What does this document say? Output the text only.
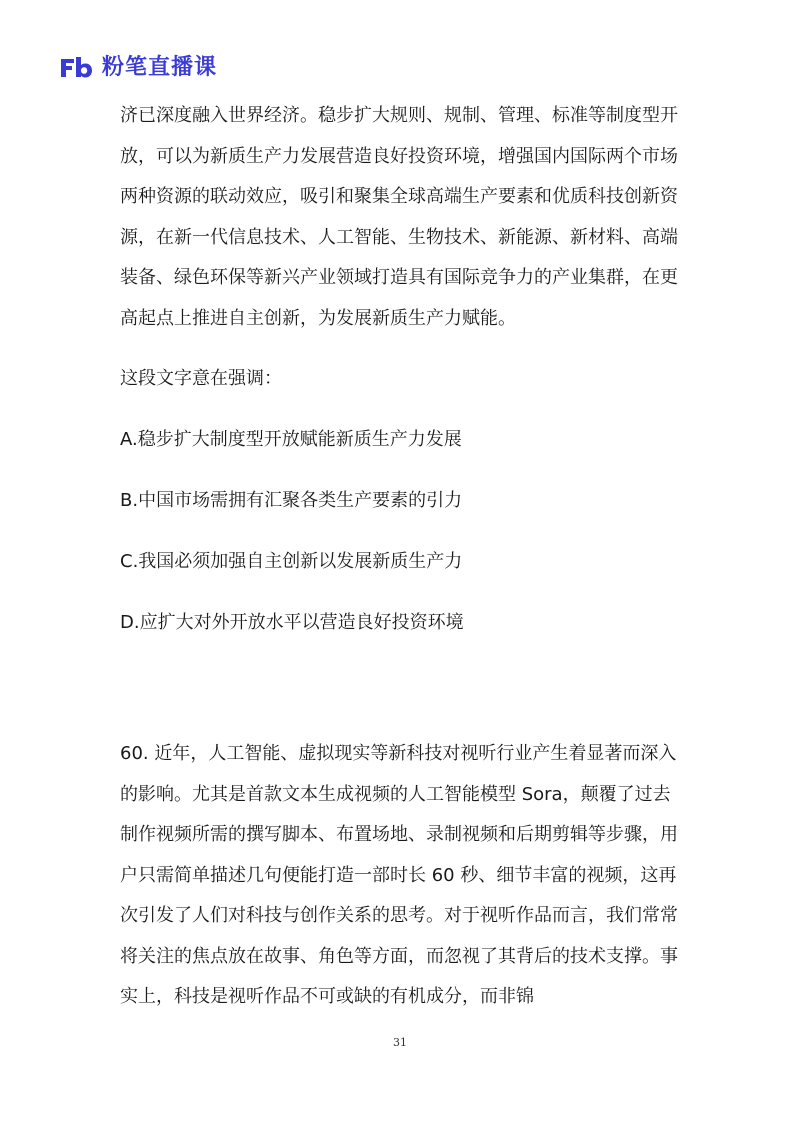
粉笔直播课

济已深度融入世界经济。稳步扩大规则、规制、管理、标准等制度型开放，可以为新质生产力发展营造良好投资环境，增强国内国际两个市场两种资源的联动效应，吸引和聚集全球高端生产要素和优质科技创新资源，在新一代信息技术、人工智能、生物技术、新能源、新材料、高端装备、绿色环保等新兴产业领域打造具有国际竞争力的产业集群，在更高起点上推进自主创新，为发展新质生产力赋能。

这段文字意在强调：

A.稳步扩大制度型开放赋能新质生产力发展

B.中国市场需拥有汇聚各类生产要素的引力

C.我国必须加强自主创新以发展新质生产力

D.应扩大对外开放水平以营造良好投资环境

60. 近年，人工智能、虚拟现实等新科技对视听行业产生着显著而深入的影响。尤其是首款文本生成视频的人工智能模型 Sora，颠覆了过去制作视频所需的撰写脚本、布置场地、录制视频和后期剪辑等步骤，用户只需简单描述几句便能打造一部时长 60 秒、细节丰富的视频，这再次引发了人们对科技与创作关系的思考。对于视听作品而言，我们常常将关注的焦点放在故事、角色等方面，而忽视了其背后的技术支撑。事实上，科技是视听作品不可或缺的有机成分，而非锦

31
